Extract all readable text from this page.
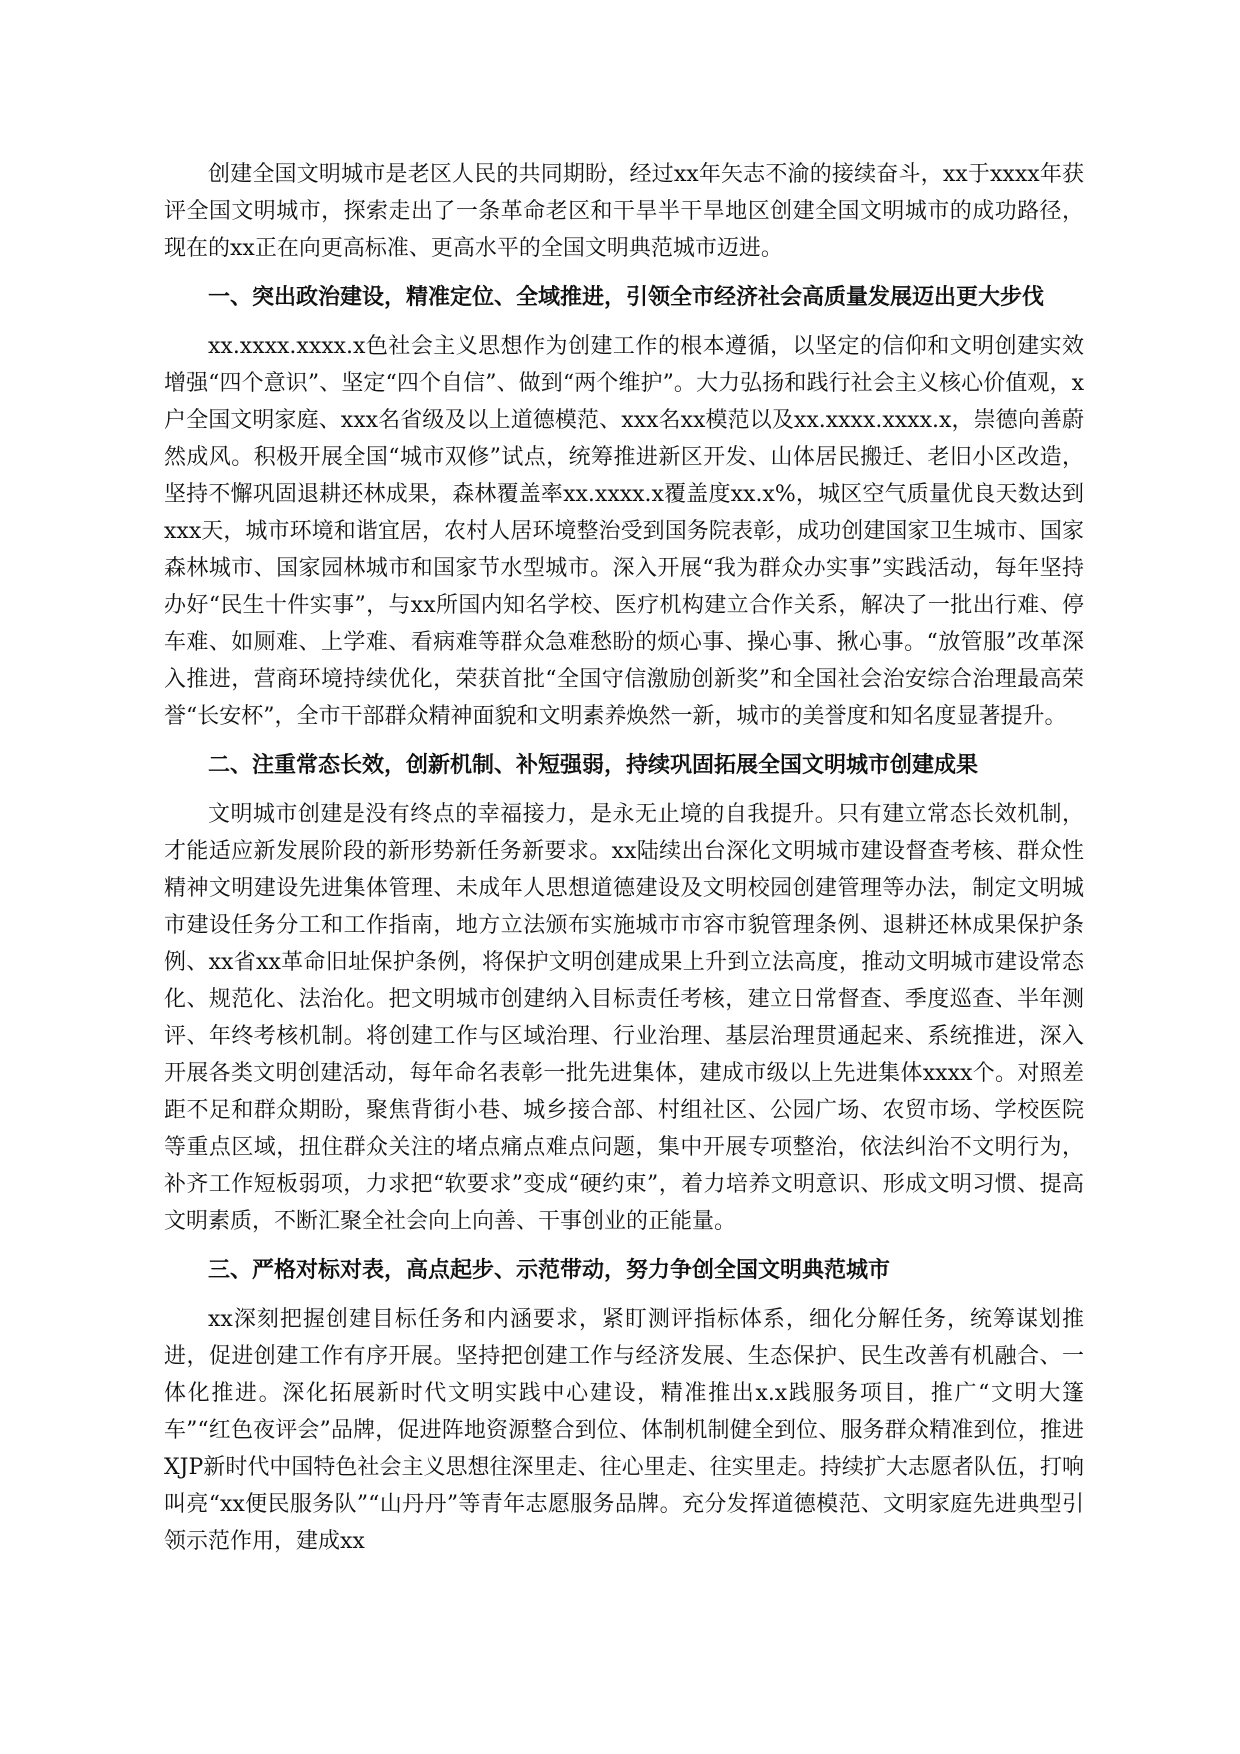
创建全国文明城市是老区人民的共同期盼，经过xx年矢志不渝的接续奋斗，xx于xxxx年获评全国文明城市，探索走出了一条革命老区和干旱半干旱地区创建全国文明城市的成功路径，现在的xx正在向更高标准、更高水平的全国文明典范城市迈进。

一、突出政治建设，精准定位、全域推进，引领全市经济社会高质量发展迈出更大步伐

xx.xxxx.xxxx.x色社会主义思想作为创建工作的根本遵循，以坚定的信仰和文明创建实效增强“四个意识”、坚定“四个自信”、做到“两个维护”。大力弘扬和践行社会主义核心价值观，x户全国文明家庭、xxx名省级及以上道德模范、xxx名xx模范以及xx.xxxx.xxxx.x，崇德向善蔚然成风。积极开展全国“城市双修”试点，统筹推进新区开发、山体居民搬迁、老旧小区改造，坚持不懈巩固退耕还林成果，森林覆盖率xx.xxxx.x覆盖度xx.x%，城区空气质量优良天数达到xxx天，城市环境和谐宜居，农村人居环境整治受到国务院表彰，成功创建国家卫生城市、国家森林城市、国家园林城市和国家节水型城市。深入开展“我为群众办实事”实践活动，每年坚持办好“民生十件实事”，与xx所国内知名学校、医疗机构建立合作关系，解决了一批出行难、停车难、如厕难、上学难、看病难等群众急难愁盼的烦心事、操心事、揪心事。“放管服”改革深入推进，营商环境持续优化，荣获首批“全国守信激励创新奖”和全国社会治安综合治理最高荣誉“长安杯”，全市干部群众精神面貌和文明素养焕然一新，城市的美誉度和知名度显著提升。

二、注重常态长效，创新机制、补短强弱，持续巩固拓展全国文明城市创建成果

文明城市创建是没有终点的幸福接力，是永无止境的自我提升。只有建立常态长效机制，才能适应新发展阶段的新形势新任务新要求。xx陆续出台深化文明城市建设督查考核、群众性精神文明建设先进集体管理、未成年人思想道德建设及文明校园创建管理等办法，制定文明城市建设任务分工和工作指南，地方立法颁布实施城市市容市貌管理条例、退耕还林成果保护条例、xx省xx革命旧址保护条例，将保护文明创建成果上升到立法高度，推动文明城市建设常态化、规范化、法治化。把文明城市创建纳入目标责任考核，建立日常督查、季度巡查、半年测评、年终考核机制。将创建工作与区域治理、行业治理、基层治理贯通起来、系统推进，深入开展各类文明创建活动，每年命名表彰一批先进集体，建成市级以上先进集体xxxx个。对照差距不足和群众期盼，聚焦背街小巷、城乡接合部、村组社区、公园广场、农贸市场、学校医院等重点区域，扭住群众关注的堵点痛点难点问题，集中开展专项整治，依法纠治不文明行为，补齐工作短板弱项，力求把“软要求”变成“硬约束”，着力培养文明意识、形成文明习惯、提高文明素质，不断汇聚全社会向上向善、干事创业的正能量。

三、严格对标对表，高点起步、示范带动，努力争创全国文明典范城市

xx深刻把握创建目标任务和内涵要求，紧盯测评指标体系，细化分解任务，统筹谋划推进，促进创建工作有序开展。坚持把创建工作与经济发展、生态保护、民生改善有机融合、一体化推进。深化拓展新时代文明实践中心建设，精准推出x.x践服务项目，推广“文明大篷车”“红色夜评会”品牌，促进阵地资源整合到位、体制机制健全到位、服务群众精准到位，推进XJP新时代中国特色社会主义思想往深里走、往心里走、往实里走。持续扩大志愿者队伍，打响叫亮“xx便民服务队”“山丹丹”等青年志愿服务品牌。充分发挥道德模范、文明家庭先进典型引领示范作用，建成xx
